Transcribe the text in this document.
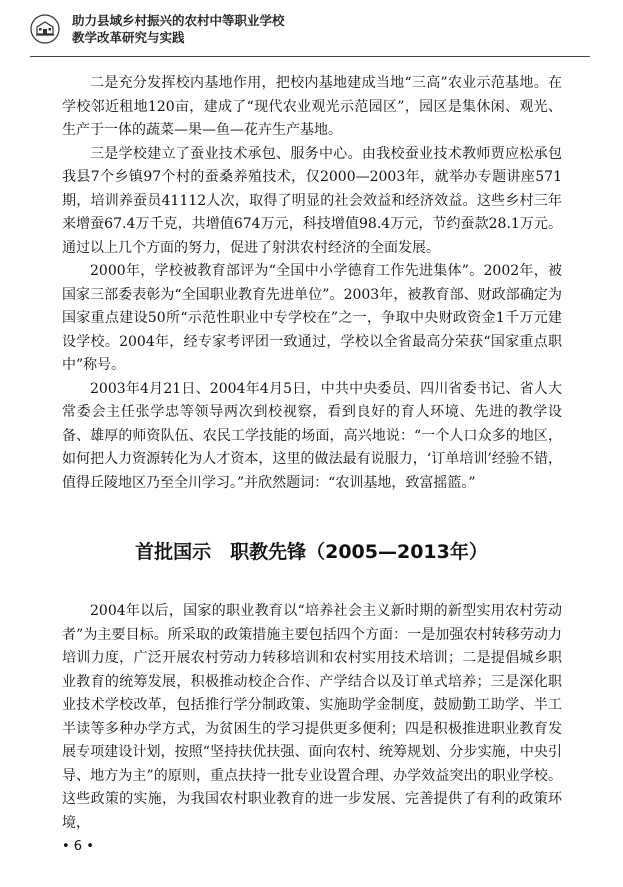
助力县域乡村振兴的农村中等职业学校
教学改革研究与实践

二是充分发挥校内基地作用，把校内基地建成当地“三高”农业示范基地。在学校邻近租地120亩，建成了“现代农业观光示范园区”，园区是集休闲、观光、生产于一体的蔬菜—果—鱼—花卉生产基地。

三是学校建立了蚕业技术承包、服务中心。由我校蚕业技术教师贾应松承包我县7个乡镇97个村的蚕桑养殖技术，仅2000—2003年，就举办专题讲座571期，培训养蚕员41112人次，取得了明显的社会效益和经济效益。这些乡村三年来增蚕67.4万千克，共增值674万元，科技增值98.4万元，节约蚕款28.1万元。通过以上几个方面的努力，促进了射洪农村经济的全面发展。

2000年，学校被教育部评为“全国中小学德育工作先进集体”。2002年，被国家三部委表彰为“全国职业教育先进单位”。2003年，被教育部、财政部确定为国家重点建设50所“示范性职业中专学校在”之一，争取中央财政资金1千万元建设学校。2004年，经专家考评团一致通过，学校以全省最高分荣获“国家重点职中”称号。

2003年4月21日、2004年4月5日，中共中央委员、四川省委书记、省人大常委会主任张学忠等领导两次到校视察，看到良好的育人环境、先进的教学设备、雄厚的师资队伍、农民工学技能的场面，高兴地说：“一个人口众多的地区，如何把人力资源转化为人才资本，这里的做法最有说服力，‘订单培训’经验不错，值得丘陵地区乃至全川学习。”并欣然题词：“农训基地，致富摇篮。”

首批国示　职教先锋（2005—2013年）

2004年以后，国家的职业教育以“培养社会主义新时期的新型实用农村劳动者”为主要目标。所采取的政策措施主要包括四个方面：一是加强农村转移劳动力培训力度，广泛开展农村劳动力转移培训和农村实用技术培训；二是提倡城乡职业教育的统筹发展，积极推动校企合作、产学结合以及订单式培养；三是深化职业技术学校改革，包括推行学分制政策、实施助学金制度，鼓励勤工助学、半工半读等多种办学方式，为贫困生的学习提供更多便利；四是积极推进职业教育发展专项建设计划，按照“坚持扶优扶强、面向农村、统筹规划、分步实施，中央引导、地方为主”的原则，重点扶持一批专业设置合理、办学效益突出的职业学校。这些政策的实施，为我国农村职业教育的进一步发展、完善提供了有利的政策环境，

• 6 •
